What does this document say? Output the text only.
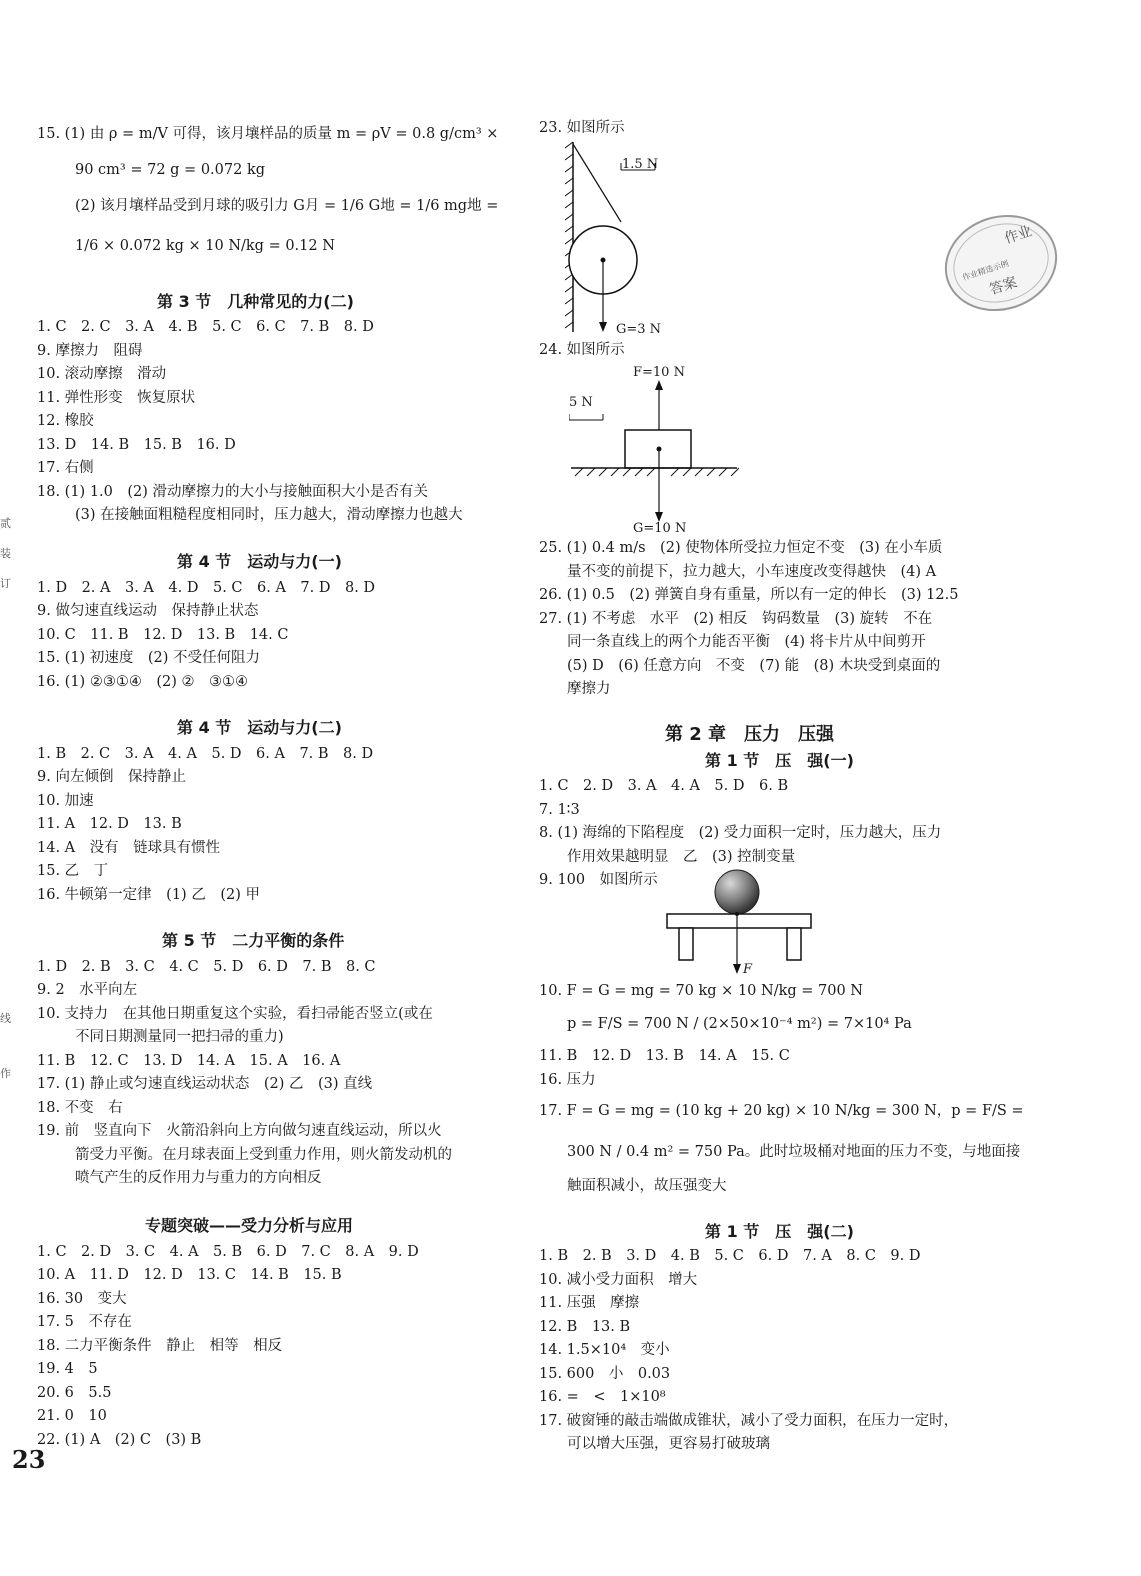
15. (1) 由 ρ = m/V 可得，该月壤样品的质量 m = ρV = 0.8 g/cm³ ×
90 cm³ = 72 g = 0.072 kg
(2) 该月壤样品受到月球的吸引力 G月 = 1/6 G地 = 1/6 mg地 =
1/6 × 0.072 kg × 10 N/kg = 0.12 N
第 3 节　几种常见的力(二)
1. C　2. C　3. A　4. B　5. C　6. C　7. B　8. D
9. 摩擦力　阻碍
10. 滚动摩擦　滑动
11. 弹性形变　恢复原状
12. 橡胶
13. D　14. B　15. B　16. D
17. 右侧
18. (1) 1.0　(2) 滑动摩擦力的大小与接触面积大小是否有关
(3) 在接触面粗糙程度相同时，压力越大，滑动摩擦力也越大
第 4 节　运动与力(一)
1. D　2. A　3. A　4. D　5. C　6. A　7. D　8. D
9. 做匀速直线运动　保持静止状态
10. C　11. B　12. D　13. B　14. C
15. (1) 初速度　(2) 不受任何阻力
16. (1) ②③①④　(2) ②　③①④
第 4 节　运动与力(二)
1. B　2. C　3. A　4. A　5. D　6. A　7. B　8. D
9. 向左倾倒　保持静止
10. 加速
11. A　12. D　13. B
14. A　没有　链球具有惯性
15. 乙　丁
16. 牛顿第一定律　(1) 乙　(2) 甲
第 5 节　二力平衡的条件
1. D　2. B　3. C　4. C　5. D　6. D　7. B　8. C
9. 2　水平向左
10. 支持力　在其他日期重复这个实验，看扫帚能否竖立(或在
不同日期测量同一把扫帚的重力)
11. B　12. C　13. D　14. A　15. A　16. A
17. (1) 静止或匀速直线运动状态　(2) 乙　(3) 直线
18. 不变　右
19. 前　竖直向下　火箭沿斜向上方向做匀速直线运动，所以火
箭受力平衡。在月球表面上受到重力作用，则火箭发动机的
喷气产生的反作用力与重力的方向相反
专题突破——受力分析与应用
1. C　2. D　3. C　4. A　5. B　6. D　7. C　8. A　9. D
10. A　11. D　12. D　13. C　14. B　15. B
16. 30　变大
17. 5　不存在
18. 二力平衡条件　静止　相等　相反
19. 4　5
20. 6　5.5
21. 0　10
22. (1) A　(2) C　(3) B
23. 如图所示
1.5 N
G=3 N
24. 如图所示
F=10 N
5 N
G=10 N
25. (1) 0.4 m/s　(2) 使物体所受拉力恒定不变　(3) 在小车质
量不变的前提下，拉力越大，小车速度改变得越快　(4) A
26. (1) 0.5　(2) 弹簧自身有重量，所以有一定的伸长　(3) 12.5
27. (1) 不考虑　水平　(2) 相反　钩码数量　(3) 旋转　不在
同一条直线上的两个力能否平衡　(4) 将卡片从中间剪开
(5) D　(6) 任意方向　不变　(7) 能　(8) 木块受到桌面的
摩擦力
第 2 章　压力　压强
第 1 节　压　强(一)
1. C　2. D　3. A　4. A　5. D　6. B
7. 1∶3
8. (1) 海绵的下陷程度　(2) 受力面积一定时，压力越大，压力
作用效果越明显　乙　(3) 控制变量
9. 100　如图所示
F
10. F = G = mg = 70 kg × 10 N/kg = 700 N
p = F/S = 700 N / (2×50×10⁻⁴ m²) = 7×10⁴ Pa
11. B　12. D　13. B　14. A　15. C
16. 压力
17. F = G = mg = (10 kg + 20 kg) × 10 N/kg = 300 N，p = F/S =
300 N / 0.4 m² = 750 Pa。此时垃圾桶对地面的压力不变，与地面接
触面积减小，故压强变大
第 1 节　压　强(二)
1. B　2. B　3. D　4. B　5. C　6. D　7. A　8. C　9. D
10. 减小受力面积　增大
11. 压强　摩擦
12. B　13. B
14. 1.5×10⁴　变小
15. 600　小　0.03
16. =　<　1×10⁸
17. 破窗锤的敲击端做成锥状，减小了受力面积，在压力一定时，
可以增大压强，更容易打破玻璃
作业
作业精选示例
答案
贰
装
订
线
作
23
